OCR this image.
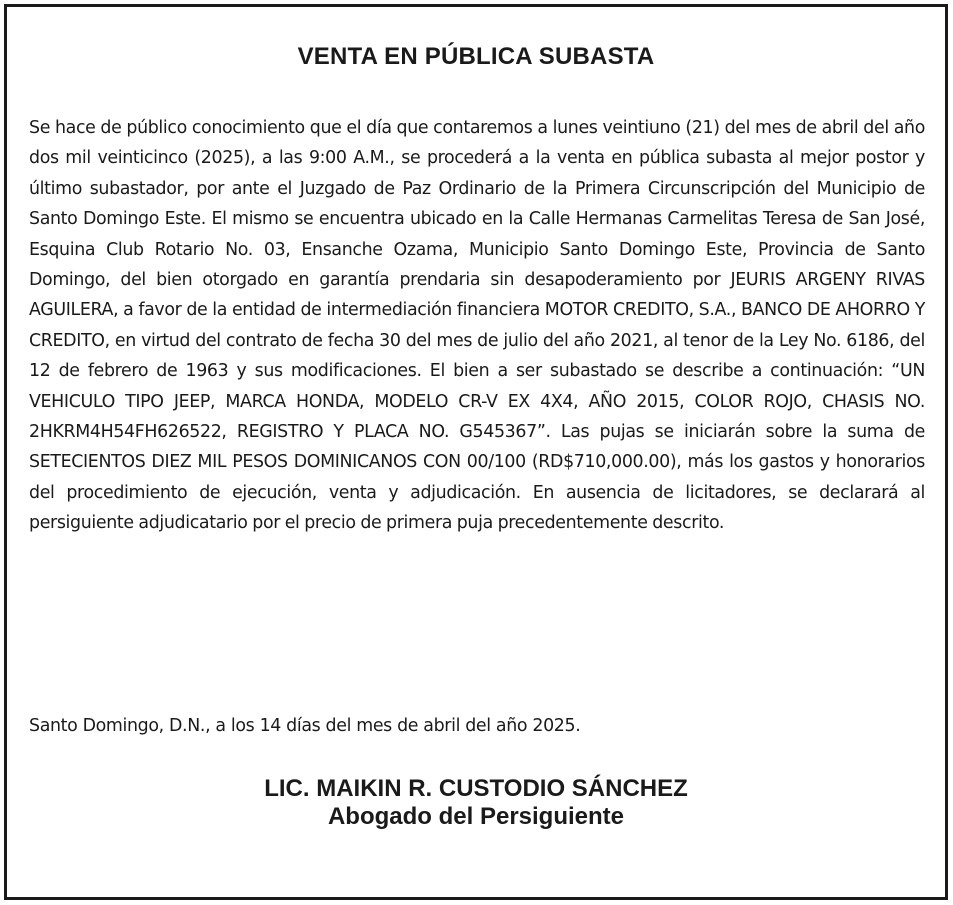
VENTA EN PÚBLICA SUBASTA

Se hace de público conocimiento que el día que contaremos a lunes veintiuno (21) del mes de abril del año dos mil veinticinco (2025), a las 9:00 A.M., se procederá a la venta en pública subasta al mejor postor y último subastador, por ante el Juzgado de Paz Ordinario de la Primera Circunscripción del Municipio de Santo Domingo Este. El mismo se encuentra ubicado en la Calle Hermanas Carmelitas Teresa de San José, Esquina Club Rotario No. 03, Ensanche Ozama, Municipio Santo Domingo Este, Provincia de Santo Domingo, del bien otorgado en garantía prendaria sin desapoderamiento por JEURIS ARGENY RIVAS AGUILERA, a favor de la entidad de intermediación financiera MOTOR CREDITO, S.A., BANCO DE AHORRO Y CREDITO, en virtud del contrato de fecha 30 del mes de julio del año 2021, al tenor de la Ley No. 6186, del 12 de febrero de 1963 y sus modificaciones. El bien a ser subastado se describe a continuación: “UN VEHICULO TIPO JEEP, MARCA HONDA, MODELO CR-V EX 4X4, AÑO 2015, COLOR ROJO, CHASIS NO. 2HKRM4H54FH626522, REGISTRO Y PLACA NO. G545367”. Las pujas se iniciarán sobre la suma de SETECIENTOS DIEZ MIL PESOS DOMINICANOS CON 00/100 (RD$710,000.00), más los gastos y honorarios del procedimiento de ejecución, venta y adjudicación. En ausencia de licitadores, se declarará al persiguiente adjudicatario por el precio de primera puja precedentemente descrito.

Santo Domingo, D.N., a los 14 días del mes de abril del año 2025.

LIC. MAIKIN R. CUSTODIO SÁNCHEZ
Abogado del Persiguiente
